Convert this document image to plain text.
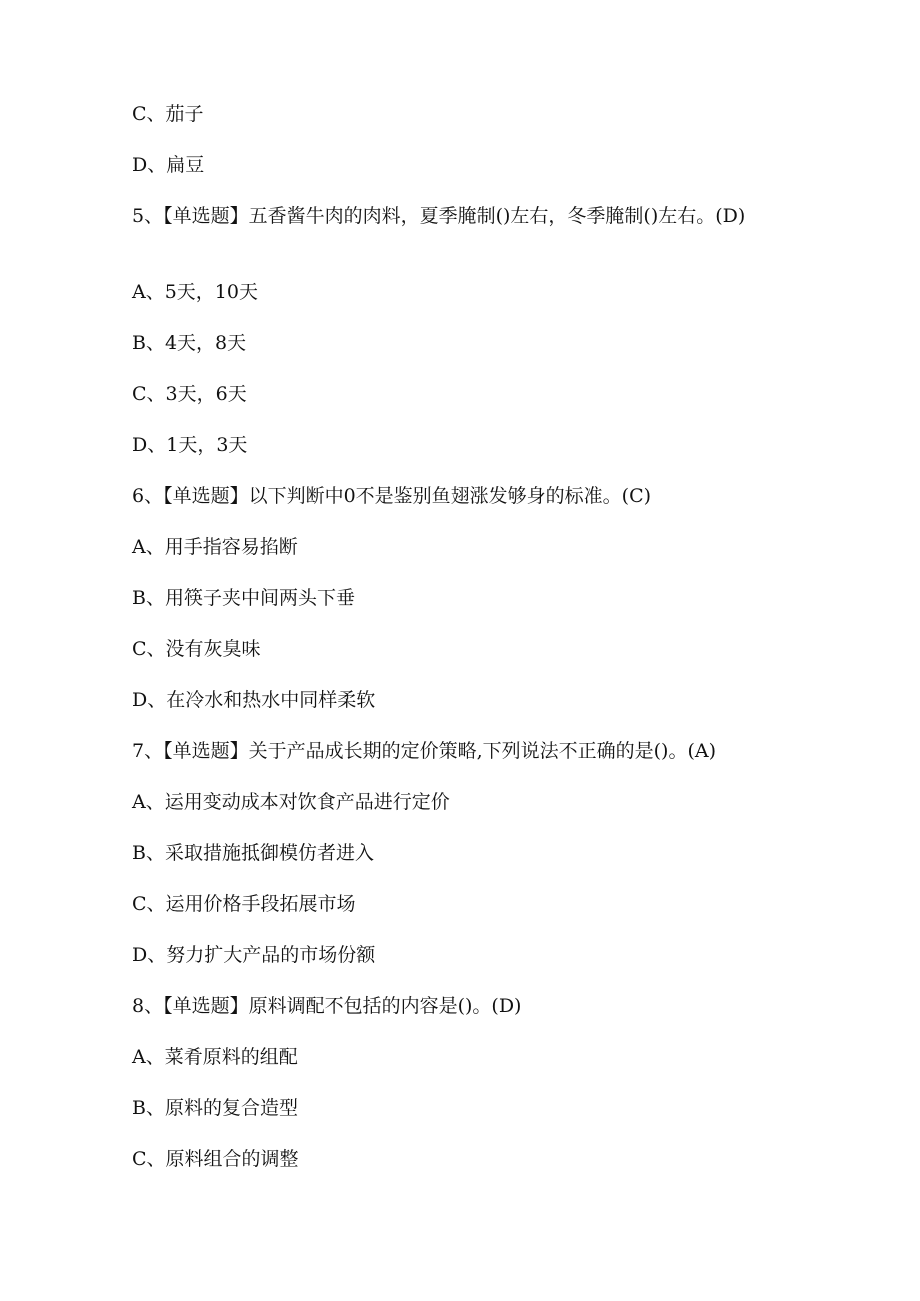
C、茄子
D、扁豆
5、【单选题】五香酱牛肉的肉料，夏季腌制()左右，冬季腌制()左右。(D)
A、5天，10天
B、4天，8天
C、3天，6天
D、1天，3天
6、【单选题】以下判断中0不是鉴别鱼翅涨发够身的标准。(C)
A、用手指容易掐断
B、用筷子夹中间两头下垂
C、没有灰臭味
D、在冷水和热水中同样柔软
7、【单选题】关于产品成长期的定价策略,下列说法不正确的是()。(A)
A、运用变动成本对饮食产品进行定价
B、采取措施抵御模仿者进入
C、运用价格手段拓展市场
D、努力扩大产品的市场份额
8、【单选题】原料调配不包括的内容是()。(D)
A、菜肴原料的组配
B、原料的复合造型
C、原料组合的调整
